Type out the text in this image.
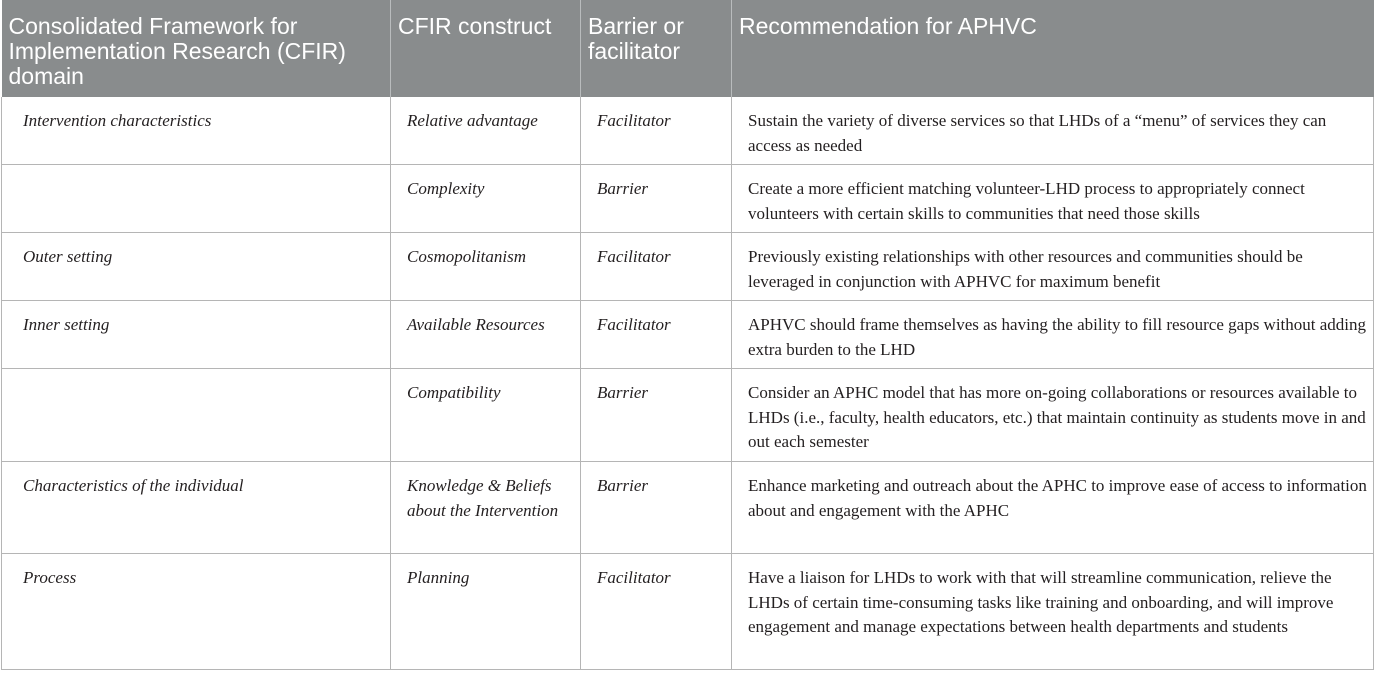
Consolidated Framework for Implementation Research (CFIR) domain	CFIR construct	Barrier or facilitator	Recommendation for APHVC
Intervention characteristics	Relative advantage	Facilitator	Sustain the variety of diverse services so that LHDs of a “menu” of services they can access as needed
	Complexity	Barrier	Create a more efficient matching volunteer-LHD process to appropriately connect volunteers with certain skills to communities that need those skills
Outer setting	Cosmopolitanism	Facilitator	Previously existing relationships with other resources and communities should be leveraged in conjunction with APHVC for maximum benefit
Inner setting	Available Resources	Facilitator	APHVC should frame themselves as having the ability to fill resource gaps without adding extra burden to the LHD
	Compatibility	Barrier	Consider an APHC model that has more on-going collaborations or resources available to LHDs (i.e., faculty, health educators, etc.) that maintain continuity as students move in and out each semester
Characteristics of the individual	Knowledge & Beliefs about the Intervention	Barrier	Enhance marketing and outreach about the APHC to improve ease of access to information about and engagement with the APHC
Process	Planning	Facilitator	Have a liaison for LHDs to work with that will streamline communication, relieve the LHDs of certain time-consuming tasks like training and onboarding, and will improve engagement and manage expectations between health departments and students
